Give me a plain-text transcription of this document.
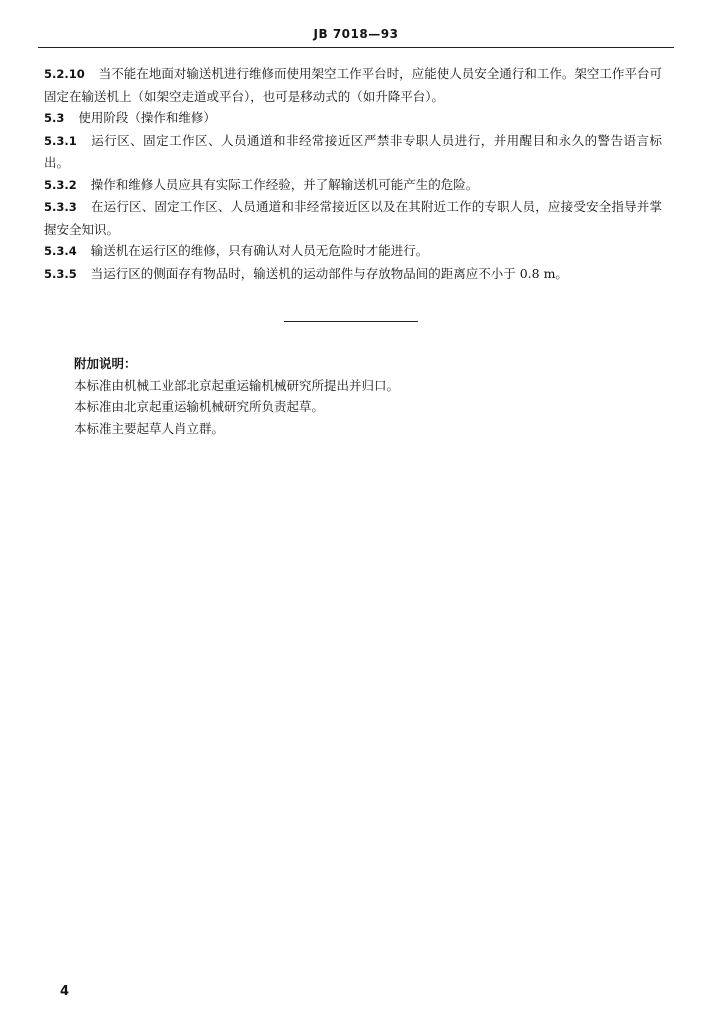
JB 7018—93

5.2.10 当不能在地面对输送机进行维修而使用架空工作平台时，应能使人员安全通行和工作。架空工作平台可固定在输送机上（如架空走道或平台），也可是移动式的（如升降平台）。

5.3 使用阶段（操作和维修）

5.3.1 运行区、固定工作区、人员通道和非经常接近区严禁非专职人员进行，并用醒目和永久的警告语言标出。

5.3.2 操作和维修人员应具有实际工作经验，并了解输送机可能产生的危险。

5.3.3 在运行区、固定工作区、人员通道和非经常接近区以及在其附近工作的专职人员，应接受安全指导并掌握安全知识。

5.3.4 输送机在运行区的维修，只有确认对人员无危险时才能进行。

5.3.5 当运行区的侧面存有物品时，输送机的运动部件与存放物品间的距离应不小于 0.8 m。

附加说明：

本标准由机械工业部北京起重运输机械研究所提出并归口。

本标准由北京起重运输机械研究所负责起草。

本标准主要起草人肖立群。

4
